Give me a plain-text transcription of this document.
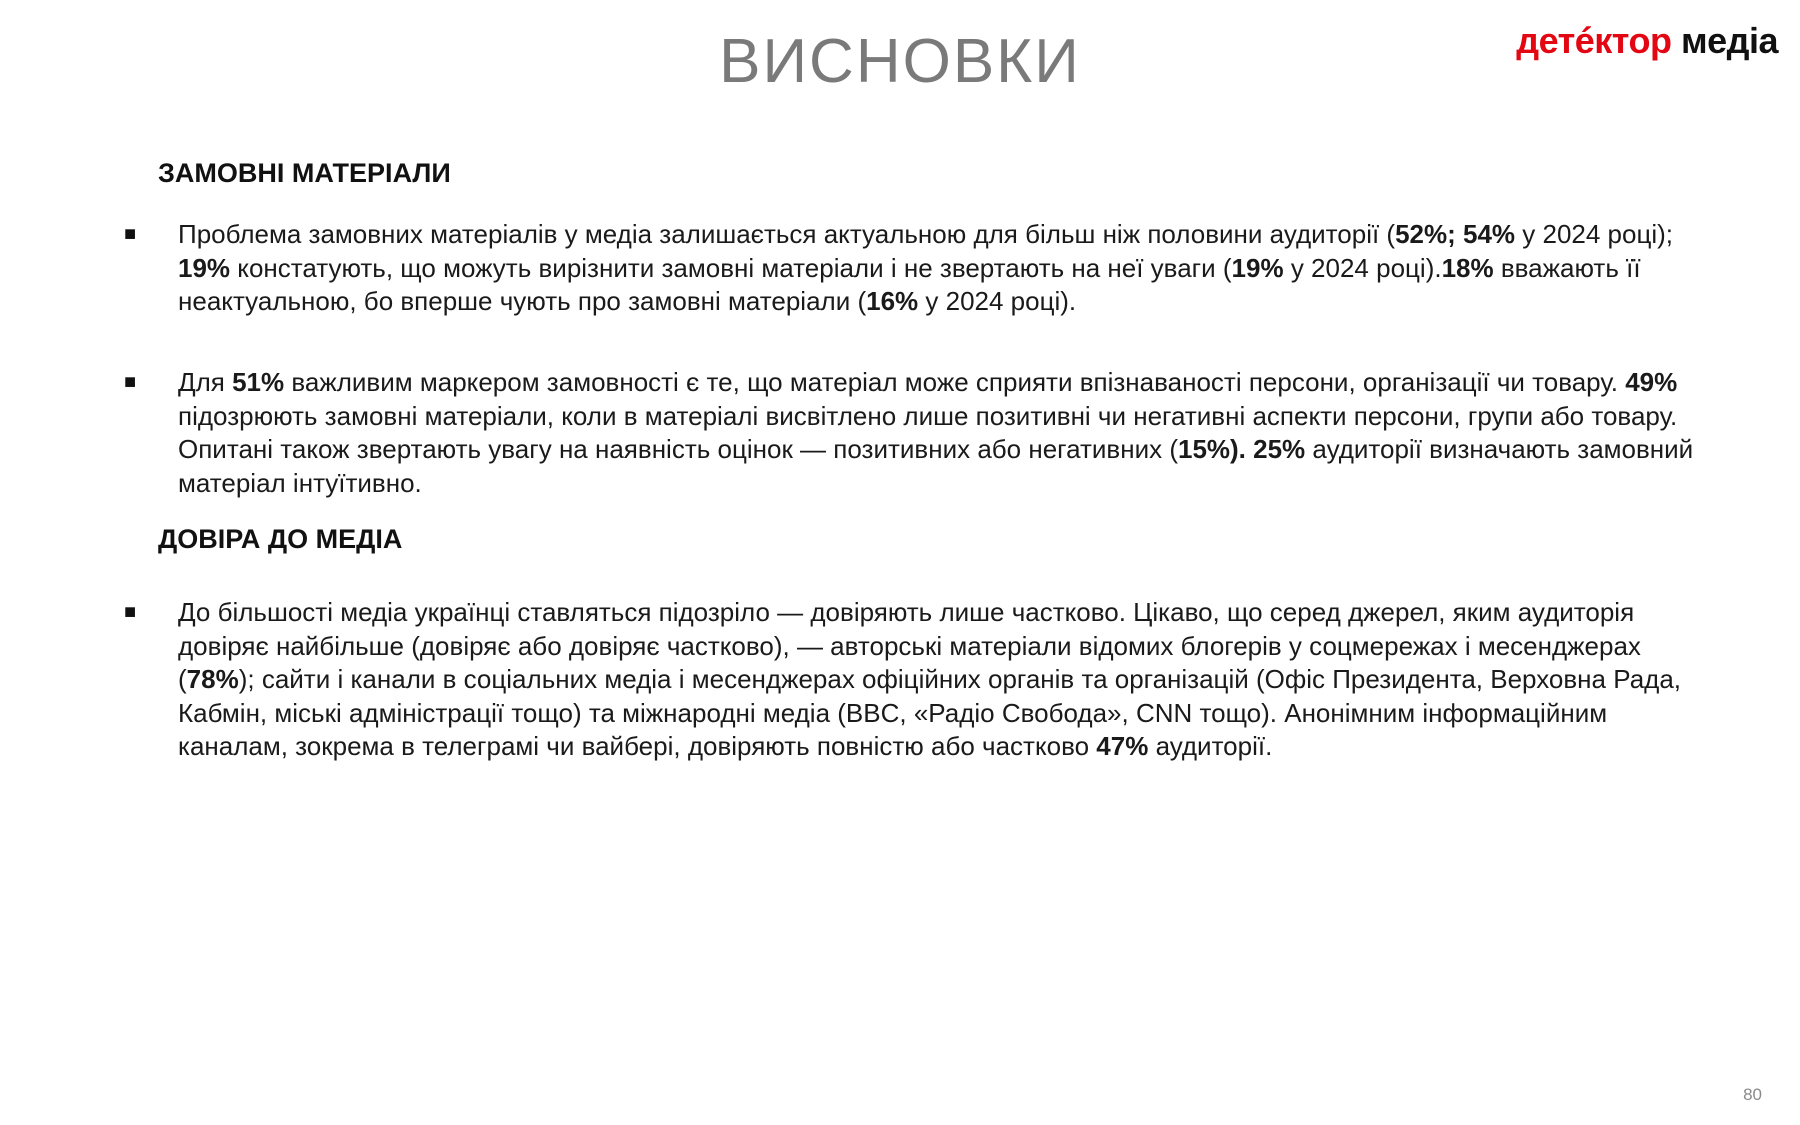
ВИСНОВКИ	детéктор медіа
ЗАМОВНІ МАТЕРІАЛИ
■	Проблема замовних матеріалів у медіа залишається актуальною для більш ніж половини аудиторії (52%; 54% у 2024 році); 19% констатують, що можуть вирізнити замовні матеріали і не звертають на неї уваги (19% у 2024 році).18% вважають її неактуальною, бо вперше чують про замовні матеріали (16% у 2024 році).
■	Для 51% важливим маркером замовності є те, що матеріал може сприяти впізнаваності персони, організації чи товару. 49% підозрюють замовні матеріали, коли в матеріалі висвітлено лише позитивні чи негативні аспекти персони, групи або товару. Опитані також звертають увагу на наявність оцінок — позитивних або негативних (15%). 25% аудиторії визначають замовний матеріал інтуїтивно.
ДОВІРА ДО МЕДІА
■	До більшості медіа українці ставляться підозріло — довіряють лише частково. Цікаво, що серед джерел, яким аудиторія довіряє найбільше (довіряє або довіряє частково), — авторські матеріали відомих блогерів у соцмережах і месенджерах (78%); сайти і канали в соціальних медіа і месенджерах офіційних органів та організацій (Офіс Президента, Верховна Рада, Кабмін, міські адміністрації тощо) та міжнародні медіа (BBC, «Радіо Свобода», CNN тощо). Анонімним інформаційним каналам, зокрема в телеграмі чи вайбері, довіряють повністю або частково 47% аудиторії.
80
